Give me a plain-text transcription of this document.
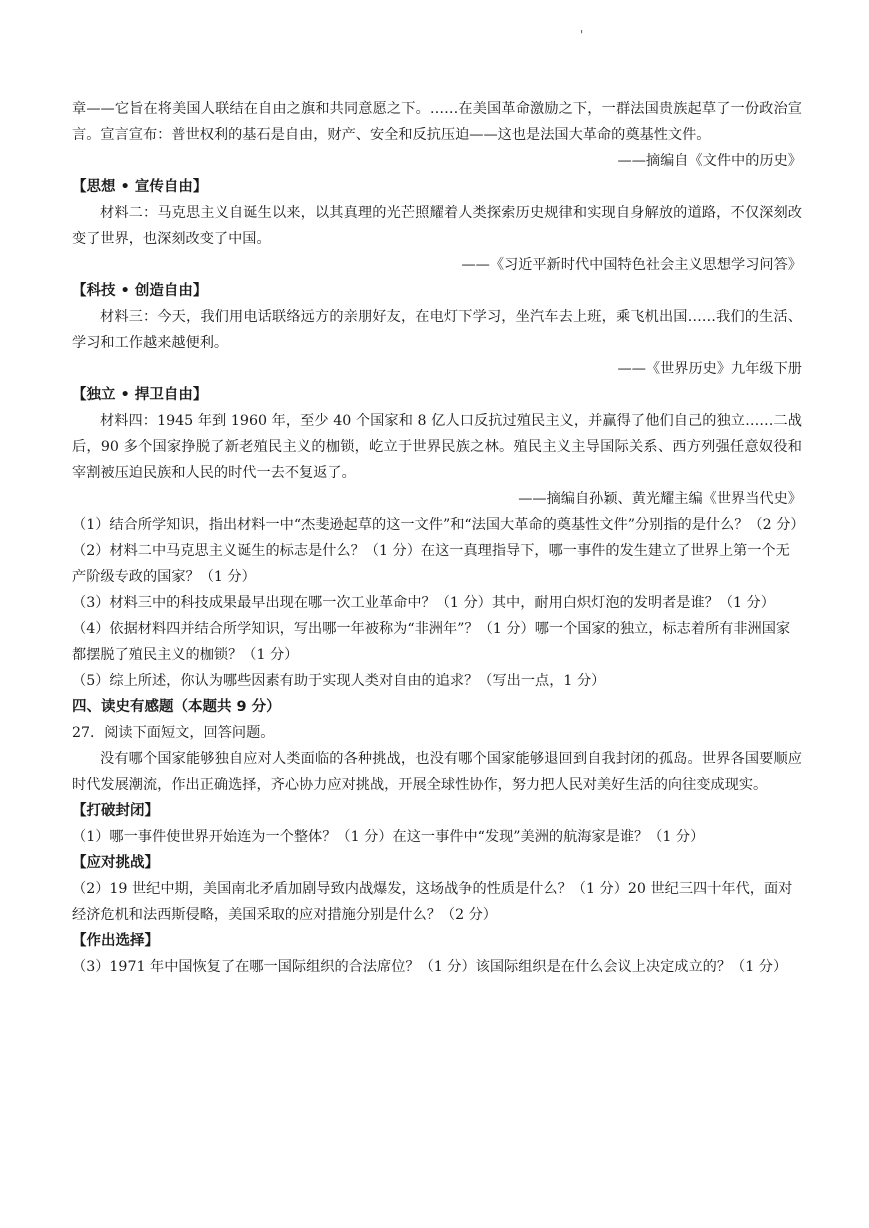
'

章——它旨在将美国人联结在自由之旗和共同意愿之下。……在美国革命激励之下，一群法国贵族起草了一份政治宣言。宣言宣布：普世权利的基石是自由，财产、安全和反抗压迫——这也是法国大革命的奠基性文件。

——摘编自《文件中的历史》

【思想 • 宣传自由】

材料二：马克思主义自诞生以来，以其真理的光芒照耀着人类探索历史规律和实现自身解放的道路，不仅深刻改变了世界，也深刻改变了中国。

——《习近平新时代中国特色社会主义思想学习问答》

【科技 • 创造自由】

材料三：今天，我们用电话联络远方的亲朋好友，在电灯下学习，坐汽车去上班，乘飞机出国……我们的生活、学习和工作越来越便利。

——《世界历史》九年级下册

【独立 • 捍卫自由】

材料四：1945 年到 1960 年，至少 40 个国家和 8 亿人口反抗过殖民主义，并赢得了他们自己的独立……二战后，90 多个国家挣脱了新老殖民主义的枷锁，屹立于世界民族之林。殖民主义主导国际关系、西方列强任意奴役和宰割被压迫民族和人民的时代一去不复返了。

——摘编自孙颖、黄光耀主编《世界当代史》

（1）结合所学知识，指出材料一中“杰斐逊起草的这一文件”和“法国大革命的奠基性文件”分别指的是什么？（2 分）

（2）材料二中马克思主义诞生的标志是什么？（1 分）在这一真理指导下，哪一事件的发生建立了世界上第一个无产阶级专政的国家？（1 分）

（3）材料三中的科技成果最早出现在哪一次工业革命中？（1 分）其中，耐用白炽灯泡的发明者是谁？（1 分）

（4）依据材料四并结合所学知识，写出哪一年被称为“非洲年”？（1 分）哪一个国家的独立，标志着所有非洲国家都摆脱了殖民主义的枷锁？（1 分）

（5）综上所述，你认为哪些因素有助于实现人类对自由的追求？（写出一点，1 分）

四、读史有感题（本题共 9 分）

27．阅读下面短文，回答问题。

没有哪个国家能够独自应对人类面临的各种挑战，也没有哪个国家能够退回到自我封闭的孤岛。世界各国要顺应时代发展潮流，作出正确选择，齐心协力应对挑战，开展全球性协作，努力把人民对美好生活的向往变成现实。

【打破封闭】

（1）哪一事件使世界开始连为一个整体？（1 分）在这一事件中“发现”美洲的航海家是谁？（1 分）

【应对挑战】

（2）19 世纪中期，美国南北矛盾加剧导致内战爆发，这场战争的性质是什么？（1 分）20 世纪三四十年代，面对经济危机和法西斯侵略，美国采取的应对措施分别是什么？（2 分）

【作出选择】

（3）1971 年中国恢复了在哪一国际组织的合法席位？（1 分）该国际组织是在什么会议上决定成立的？（1 分）
